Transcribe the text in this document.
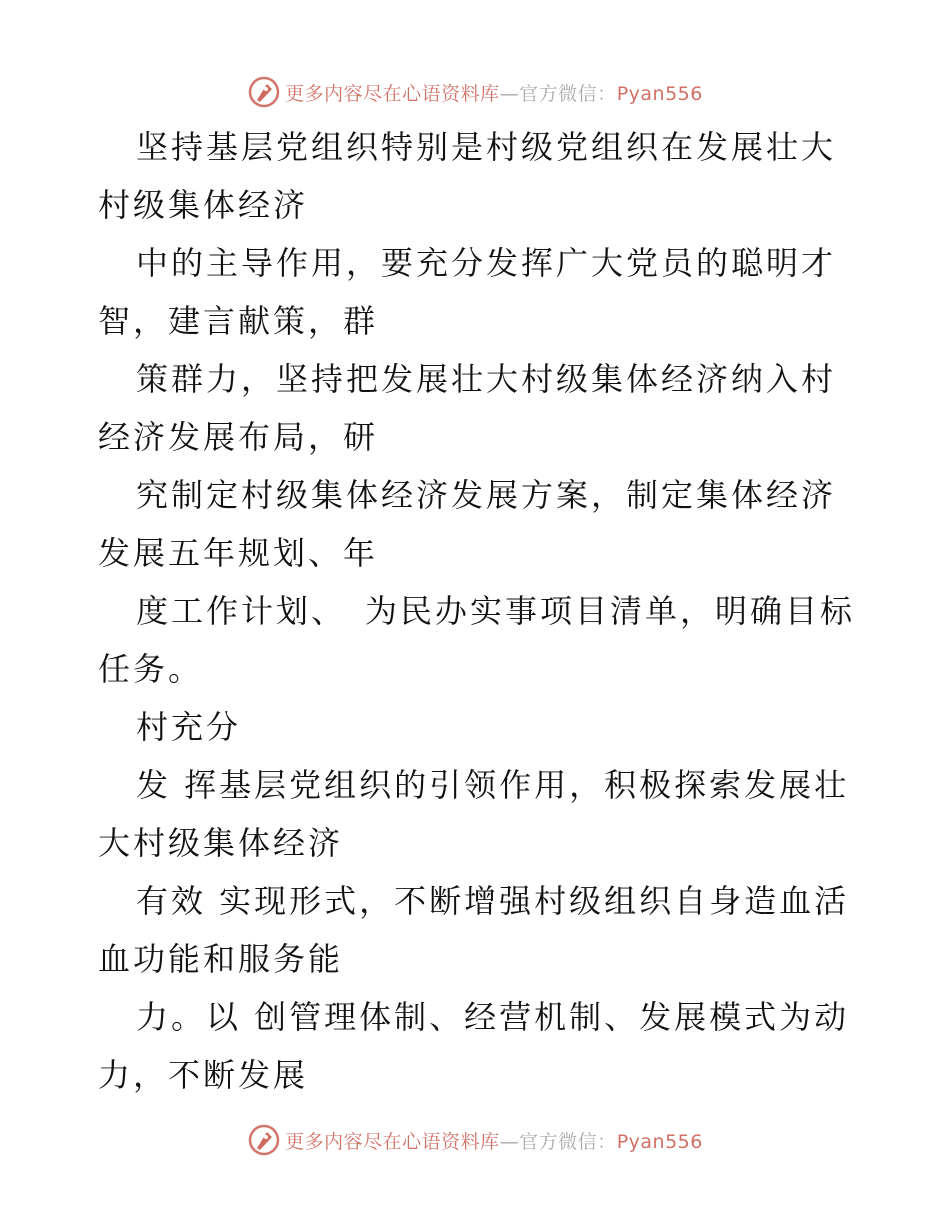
更多内容尽在心语资料库—官方微信：Pyan556

坚持基层党组织特别是村级党组织在发展壮大村级集体经济

中的主导作用，要充分发挥广大党员的聪明才智，建言献策，群

策群力，坚持把发展壮大村级集体经济纳入村经济发展布局，研

究制定村级集体经济发展方案，制定集体经济发展五年规划、年

度工作计划、　为民办实事项目清单，明确目标任务。

村充分

发 挥基层党组织的引领作用，积极探索发展壮大村级集体经济

有效 实现形式，不断增强村级组织自身造血活血功能和服务能

力。以 创管理体制、经营机制、发展模式为动力，不断发展

更多内容尽在心语资料库—官方微信：Pyan556
